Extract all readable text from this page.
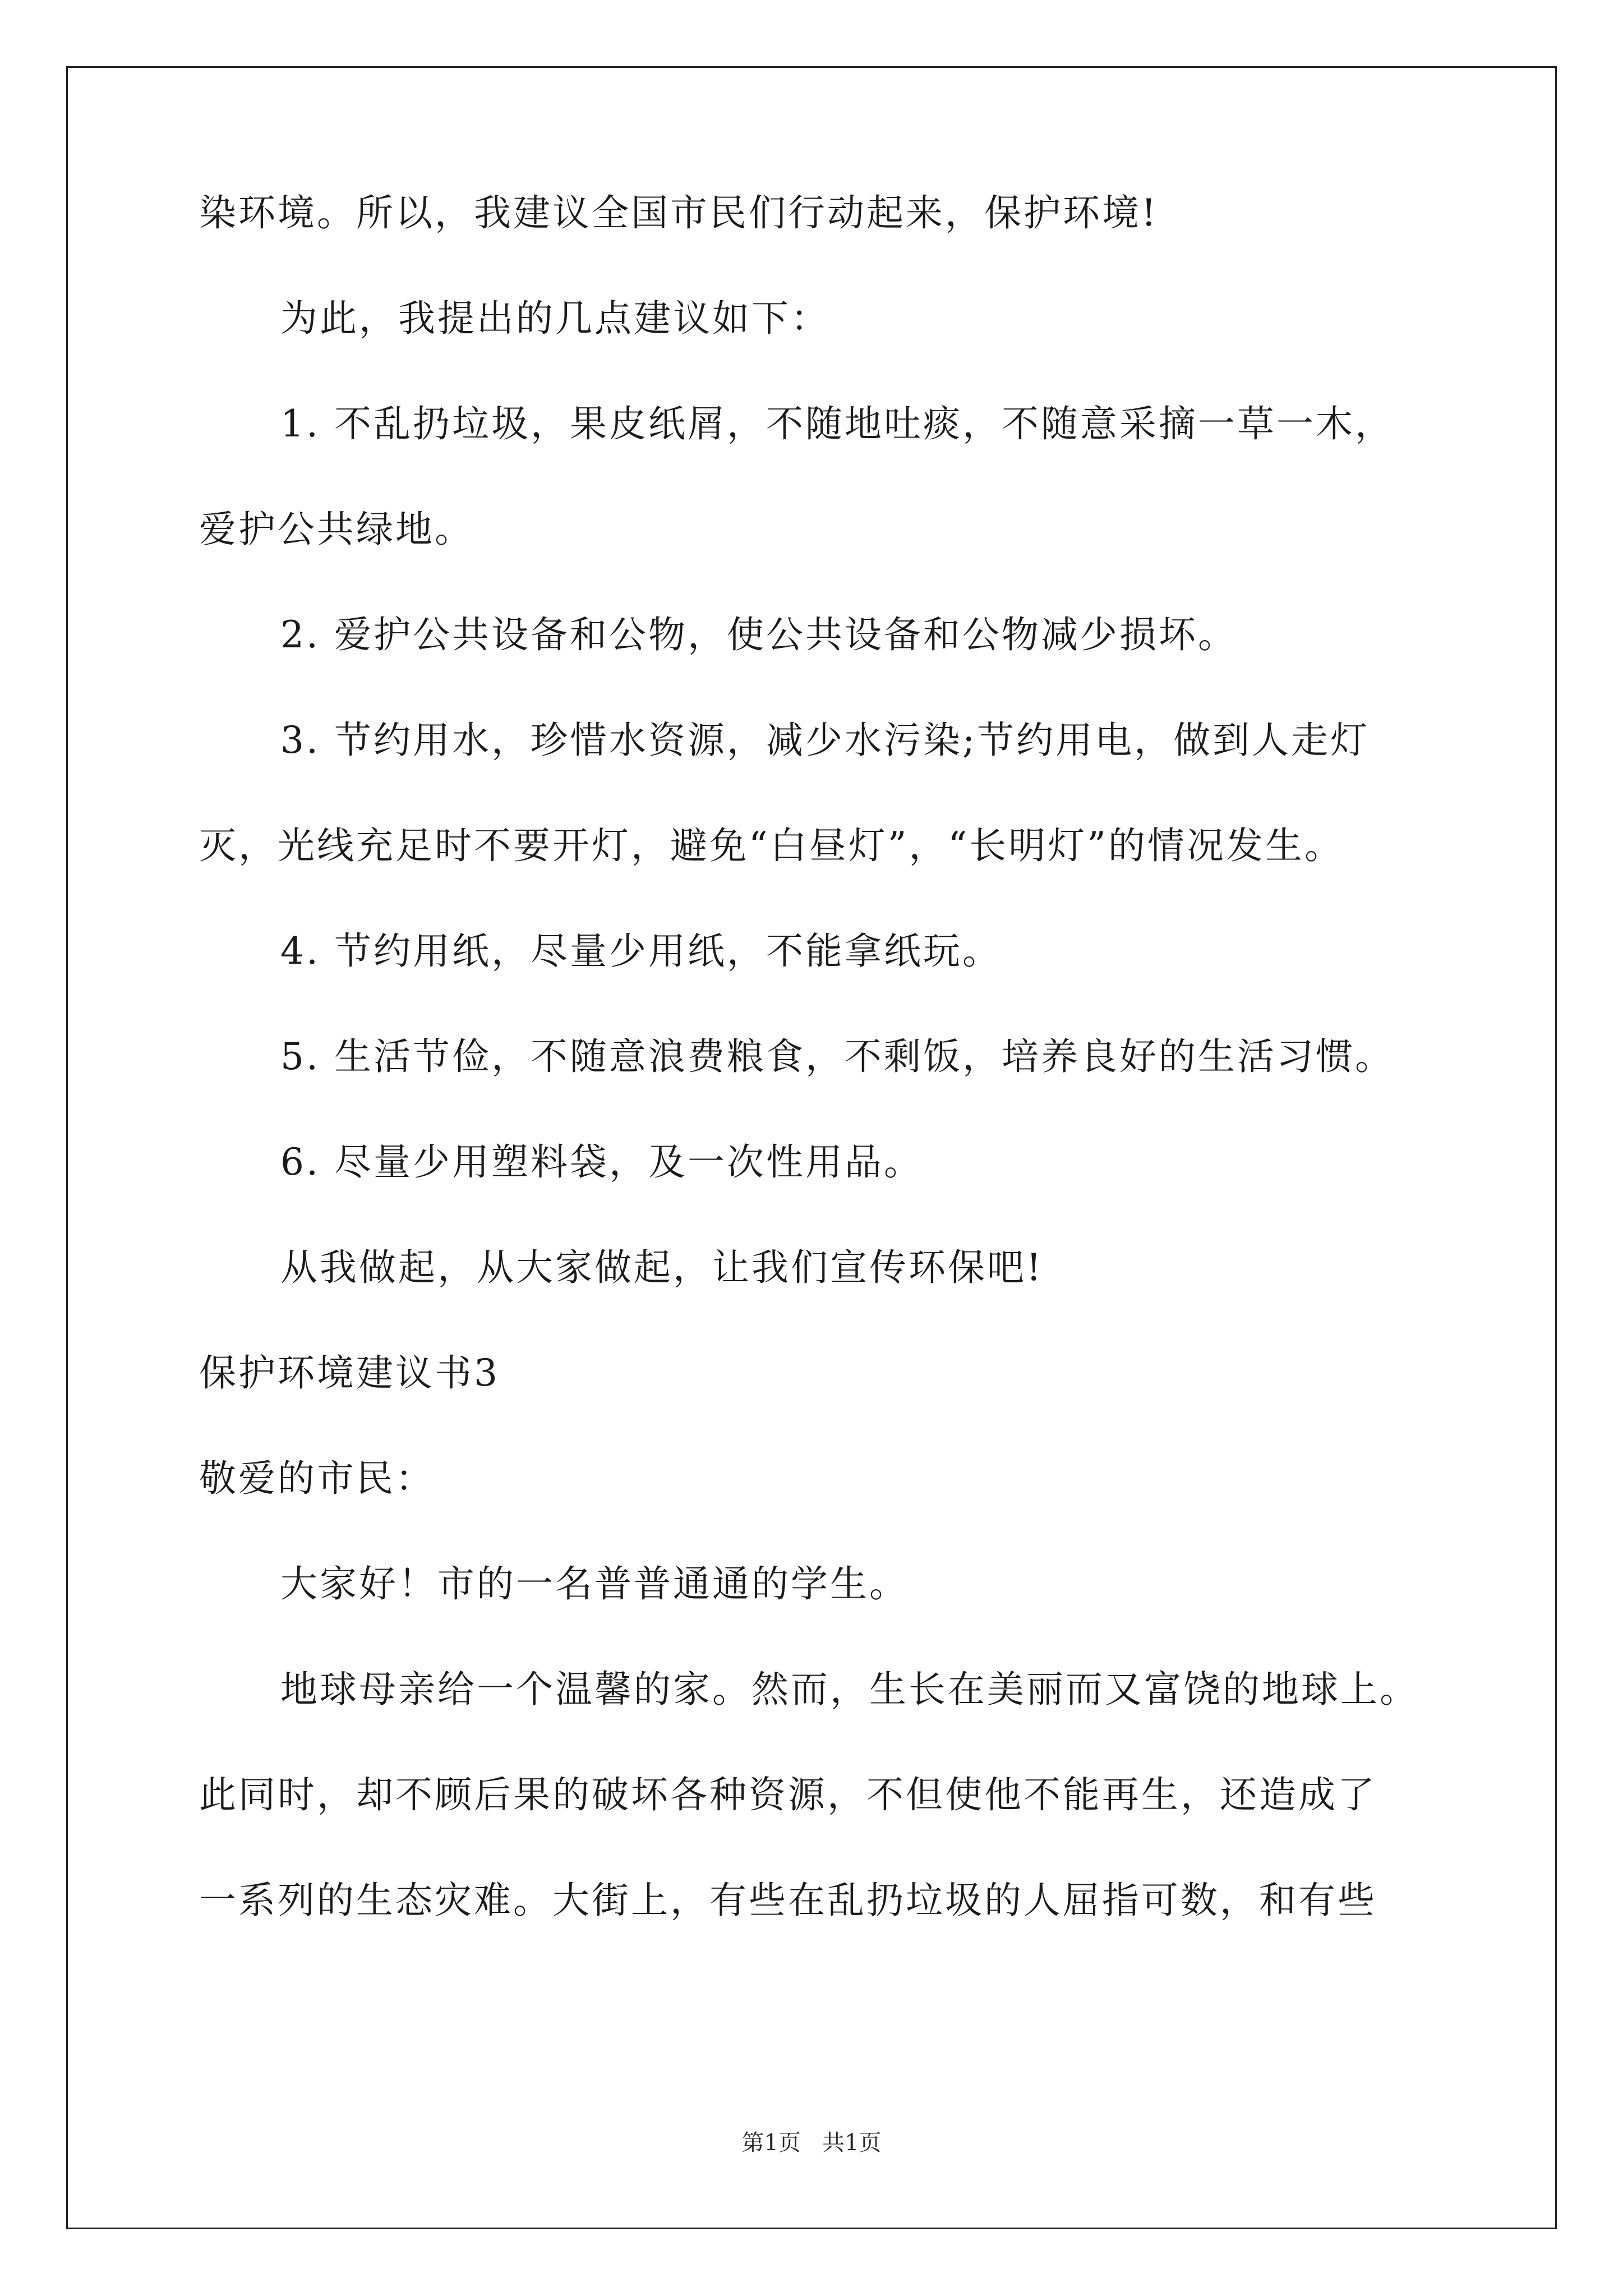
染环境。所以，我建议全国市民们行动起来，保护环境!
为此，我提出的几点建议如下：
1. 不乱扔垃圾，果皮纸屑，不随地吐痰，不随意采摘一草一木，
爱护公共绿地。
2. 爱护公共设备和公物，使公共设备和公物减少损坏。
3. 节约用水，珍惜水资源，减少水污染;节约用电，做到人走灯
灭，光线充足时不要开灯，避免“白昼灯”，“长明灯”的情况发生。
4. 节约用纸，尽量少用纸，不能拿纸玩。
5. 生活节俭，不随意浪费粮食，不剩饭，培养良好的生活习惯。
6. 尽量少用塑料袋，及一次性用品。
从我做起，从大家做起，让我们宣传环保吧!
保护环境建议书3
敬爱的市民：
大家好！市的一名普普通通的学生。
地球母亲给一个温馨的家。然而，生长在美丽而又富饶的地球上。
此同时，却不顾后果的破坏各种资源，不但使他不能再生，还造成了
一系列的生态灾难。大街上，有些在乱扔垃圾的人屈指可数，和有些
第1页   共1页
